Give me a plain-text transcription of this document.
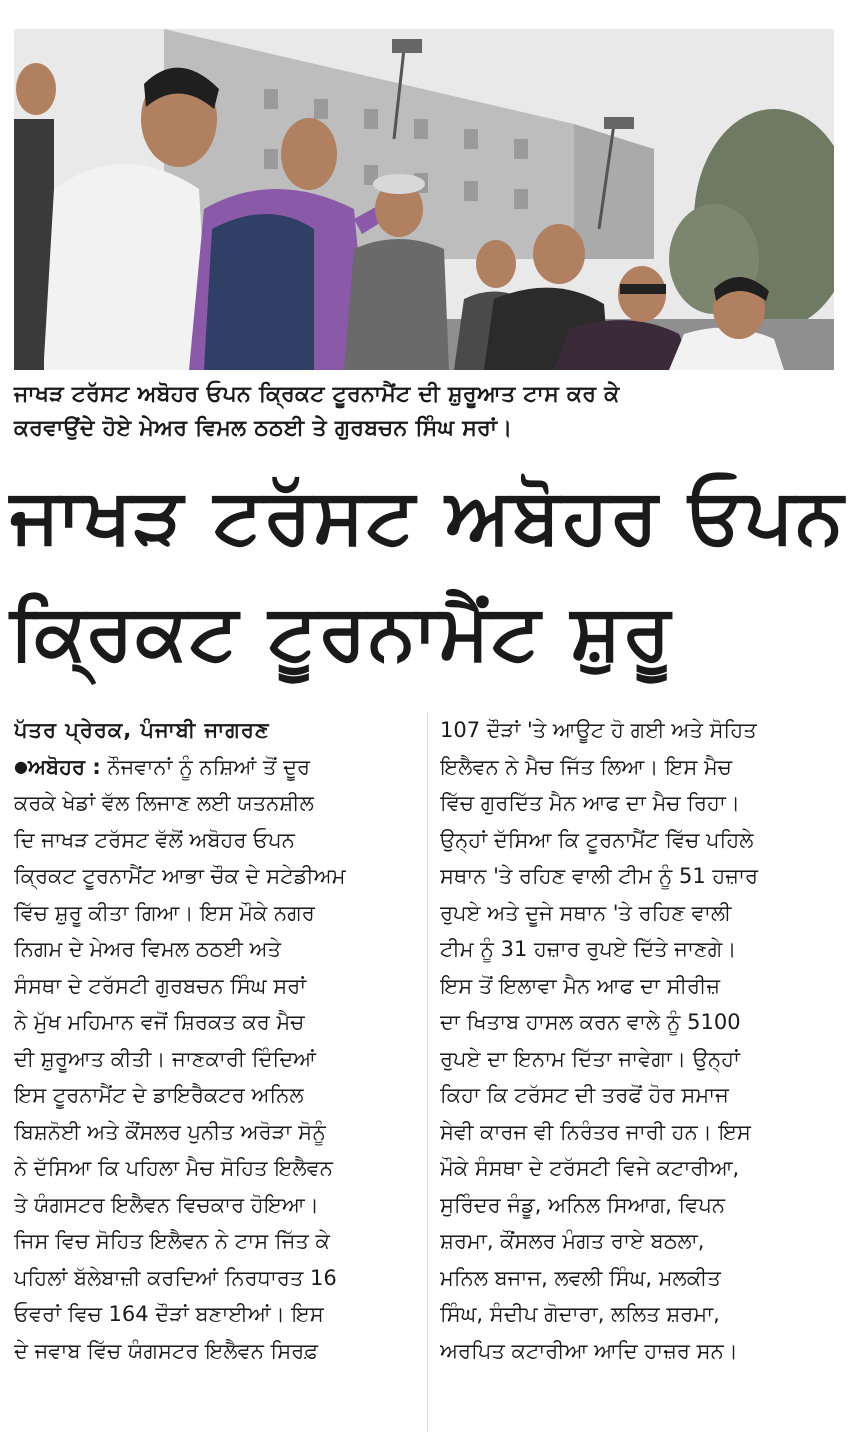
ਜਾਖੜ ਟਰੱਸਟ ਅਬੋਹਰ ਓਪਨ ਕ੍ਰਿਕਟ ਟੂਰਨਾਮੈਂਟ ਦੀ ਸ਼ੁਰੂਆਤ ਟਾਸ ਕਰ ਕੇ

ਕਰਵਾਉਂਦੇ ਹੋਏ ਮੇਅਰ ਵਿਮਲ ਠਠਈ ਤੇ ਗੁਰਬਚਨ ਸਿੰਘ ਸਰਾਂ।

ਜਾਖੜ ਟਰੱਸਟ ਅਬੋਹਰ ਓਪਨ

ਕ੍ਰਿਕਟ ਟੂਰਨਾਮੈਂਟ ਸ਼ੁਰੂ

ਪੱਤਰ ਪ੍ਰੇਰਕ, ਪੰਜਾਬੀ ਜਾਗਰਣ

●ਅਬੋਹਰ : ਨੌਜਵਾਨਾਂ ਨੂੰ ਨਸ਼ਿਆਂ ਤੋਂ ਦੂਰ

ਕਰਕੇ ਖੇਡਾਂ ਵੱਲ ਲਿਜਾਣ ਲਈ ਯਤਨਸ਼ੀਲ

ਦਿ ਜਾਖੜ ਟਰੱਸਟ ਵੱਲੋਂ ਅਬੋਹਰ ਓਪਨ

ਕ੍ਰਿਕਟ ਟੂਰਨਾਮੈਂਟ ਆਭਾ ਚੌਕ ਦੇ ਸਟੇਡੀਅਮ

ਵਿੱਚ ਸ਼ੁਰੂ ਕੀਤਾ ਗਿਆ। ਇਸ ਮੌਕੇ ਨਗਰ

ਨਿਗਮ ਦੇ ਮੇਅਰ ਵਿਮਲ ਠਠਈ ਅਤੇ

ਸੰਸਥਾ ਦੇ ਟਰੱਸਟੀ ਗੁਰਬਚਨ ਸਿੰਘ ਸਰਾਂ

ਨੇ ਮੁੱਖ ਮਹਿਮਾਨ ਵਜੋਂ ਸ਼ਿਰਕਤ ਕਰ ਮੈਚ

ਦੀ ਸ਼ੁਰੂਆਤ ਕੀਤੀ। ਜਾਣਕਾਰੀ ਦਿੰਦਿਆਂ

ਇਸ ਟੂਰਨਾਮੈਂਟ ਦੇ ਡਾਇਰੈਕਟਰ ਅਨਿਲ

ਬਿਸ਼ਨੋਈ ਅਤੇ ਕੌਂਸਲਰ ਪੁਨੀਤ ਅਰੋੜਾ ਸੋਨੂੰ

ਨੇ ਦੱਸਿਆ ਕਿ ਪਹਿਲਾ ਮੈਚ ਸੋਹਿਤ ਇਲੈਵਨ

ਤੇ ਯੰਗਸਟਰ ਇਲੈਵਨ ਵਿਚਕਾਰ ਹੋਇਆ।

ਜਿਸ ਵਿਚ ਸੋਹਿਤ ਇਲੈਵਨ ਨੇ ਟਾਸ ਜਿੱਤ ਕੇ

ਪਹਿਲਾਂ ਬੱਲੇਬਾਜ਼ੀ ਕਰਦਿਆਂ ਨਿਰਧਾਰਤ 16

ਓਵਰਾਂ ਵਿਚ 164 ਦੌੜਾਂ ਬਣਾਈਆਂ। ਇਸ

ਦੇ ਜਵਾਬ ਵਿੱਚ ਯੰਗਸਟਰ ਇਲੈਵਨ ਸਿਰਫ਼

107 ਦੌੜਾਂ 'ਤੇ ਆਊਟ ਹੋ ਗਈ ਅਤੇ ਸੋਹਿਤ

ਇਲੈਵਨ ਨੇ ਮੈਚ ਜਿੱਤ ਲਿਆ। ਇਸ ਮੈਚ

ਵਿੱਚ ਗੁਰਦਿੱਤ ਮੈਨ ਆਫ ਦਾ ਮੈਚ ਰਿਹਾ।

ਉਨ੍ਹਾਂ ਦੱਸਿਆ ਕਿ ਟੂਰਨਾਮੈਂਟ ਵਿੱਚ ਪਹਿਲੇ

ਸਥਾਨ 'ਤੇ ਰਹਿਣ ਵਾਲੀ ਟੀਮ ਨੂੰ 51 ਹਜ਼ਾਰ

ਰੁਪਏ ਅਤੇ ਦੂਜੇ ਸਥਾਨ 'ਤੇ ਰਹਿਣ ਵਾਲੀ

ਟੀਮ ਨੂੰ 31 ਹਜ਼ਾਰ ਰੁਪਏ ਦਿੱਤੇ ਜਾਣਗੇ।

ਇਸ ਤੋਂ ਇਲਾਵਾ ਮੈਨ ਆਫ ਦਾ ਸੀਰੀਜ਼

ਦਾ ਖਿਤਾਬ ਹਾਸਲ ਕਰਨ ਵਾਲੇ ਨੂੰ 5100

ਰੁਪਏ ਦਾ ਇਨਾਮ ਦਿੱਤਾ ਜਾਵੇਗਾ। ਉਨ੍ਹਾਂ

ਕਿਹਾ ਕਿ ਟਰੱਸਟ ਦੀ ਤਰਫੋਂ ਹੋਰ ਸਮਾਜ

ਸੇਵੀ ਕਾਰਜ ਵੀ ਨਿਰੰਤਰ ਜਾਰੀ ਹਨ। ਇਸ

ਮੌਕੇ ਸੰਸਥਾ ਦੇ ਟਰੱਸਟੀ ਵਿਜੇ ਕਟਾਰੀਆ,

ਸੁਰਿੰਦਰ ਜੰਡੂ, ਅਨਿਲ ਸਿਆਗ, ਵਿਪਨ

ਸ਼ਰਮਾ, ਕੌਂਸਲਰ ਮੰਗਤ ਰਾਏ ਬਠਲਾ,

ਮਨਿਲ ਬਜਾਜ, ਲਵਲੀ ਸਿੰਘ, ਮਲਕੀਤ

ਸਿੰਘ, ਸੰਦੀਪ ਗੋਦਾਰਾ, ਲਲਿਤ ਸ਼ਰਮਾ,

ਅਰਪਿਤ ਕਟਾਰੀਆ ਆਦਿ ਹਾਜ਼ਰ ਸਨ।
